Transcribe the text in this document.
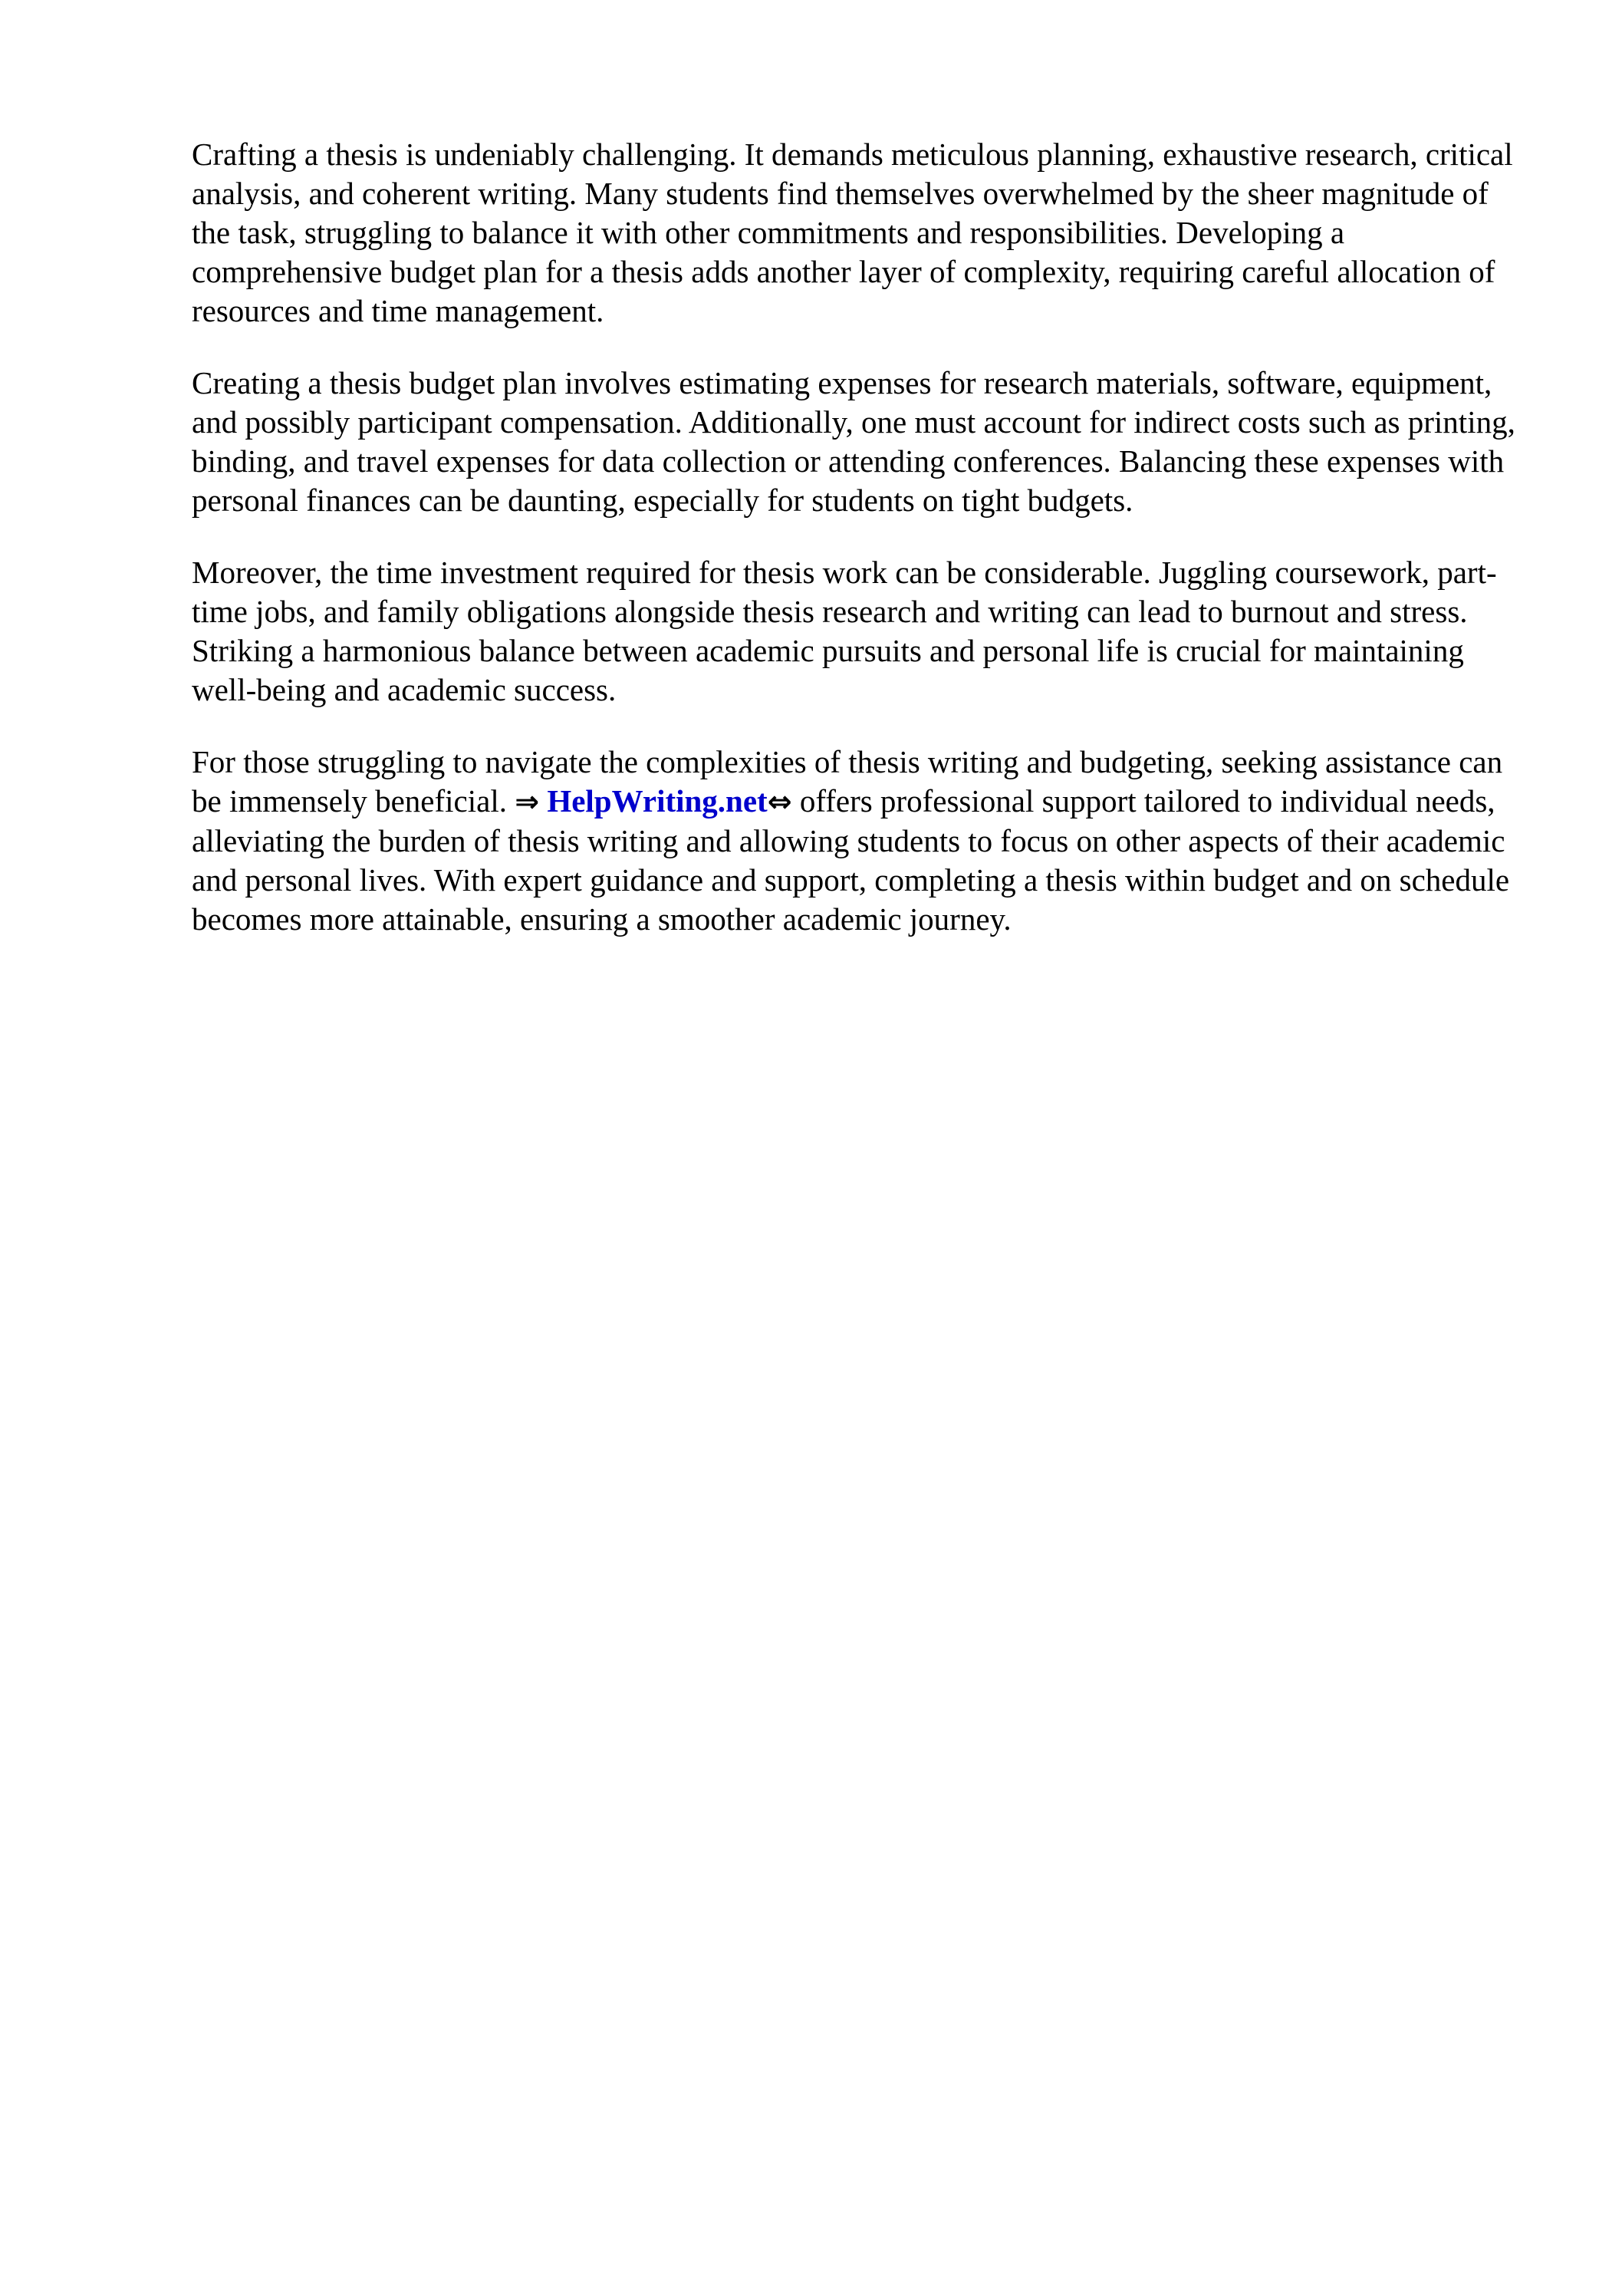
Crafting a thesis is undeniably challenging. It demands meticulous planning, exhaustive research, critical analysis, and coherent writing. Many students find themselves overwhelmed by the sheer magnitude of the task, struggling to balance it with other commitments and responsibilities. Developing a comprehensive budget plan for a thesis adds another layer of complexity, requiring careful allocation of resources and time management.

Creating a thesis budget plan involves estimating expenses for research materials, software, equipment, and possibly participant compensation. Additionally, one must account for indirect costs such as printing, binding, and travel expenses for data collection or attending conferences. Balancing these expenses with personal finances can be daunting, especially for students on tight budgets.

Moreover, the time investment required for thesis work can be considerable. Juggling coursework, part-time jobs, and family obligations alongside thesis research and writing can lead to burnout and stress. Striking a harmonious balance between academic pursuits and personal life is crucial for maintaining well-being and academic success.

For those struggling to navigate the complexities of thesis writing and budgeting, seeking assistance can be immensely beneficial. ⇒ HelpWriting.net⇔ offers professional support tailored to individual needs, alleviating the burden of thesis writing and allowing students to focus on other aspects of their academic and personal lives. With expert guidance and support, completing a thesis within budget and on schedule becomes more attainable, ensuring a smoother academic journey.
